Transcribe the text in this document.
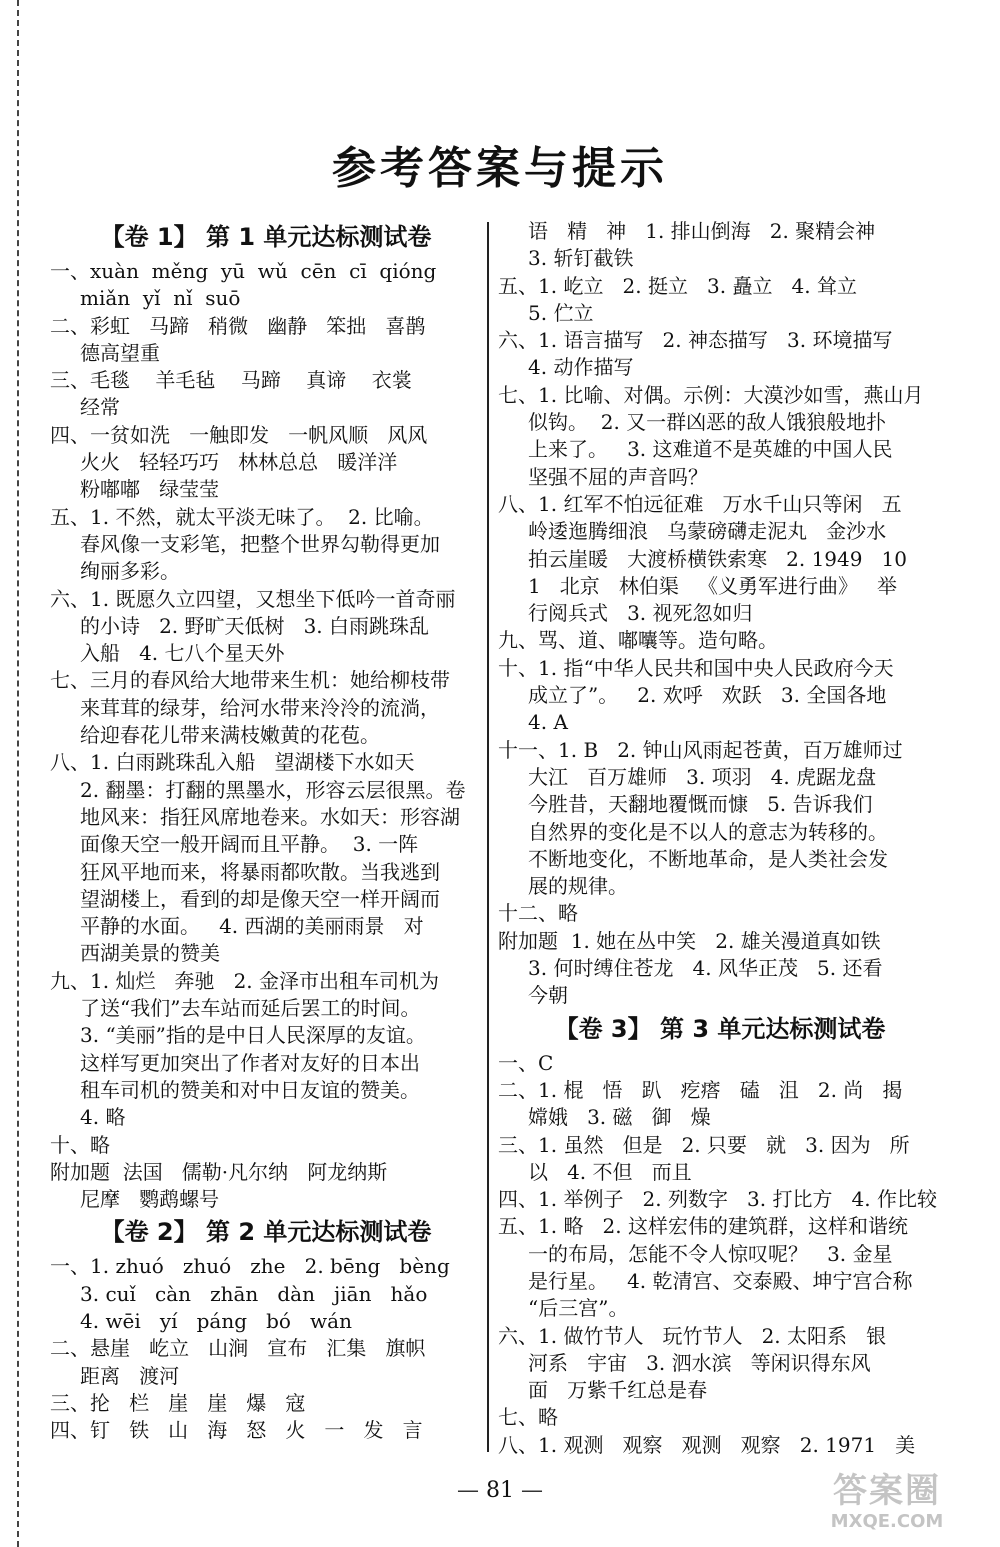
参考答案与提示
【卷 1】 第 1 单元达标测试卷
一、xuàn  měng  yū  wǔ  cēn  cī  qióng
miǎn  yǐ  nǐ  suō
二、彩虹   马蹄   稍微   幽静   笨拙   喜鹊
德高望重
三、毛毯    羊毛毡    马蹄    真谛    衣裳
经常
四、一贫如洗   一触即发   一帆风顺   风风
火火   轻轻巧巧   林林总总   暖洋洋
粉嘟嘟   绿莹莹
五、1. 不然，就太平淡无味了。  2. 比喻。
春风像一支彩笔，把整个世界勾勒得更加
绚丽多彩。
六、1. 既愿久立四望，又想坐下低吟一首奇丽
的小诗   2. 野旷天低树   3. 白雨跳珠乱
入船   4. 七八个星天外
七、三月的春风给大地带来生机：她给柳枝带
来茸茸的绿芽，给河水带来泠泠的流淌，
给迎春花儿带来满枝嫩黄的花苞。
八、1. 白雨跳珠乱入船   望湖楼下水如天
2. 翻墨：打翻的黑墨水，形容云层很黑。卷
地风来：指狂风席地卷来。水如天：形容湖
面像天空一般开阔而且平静。  3. 一阵
狂风平地而来，将暴雨都吹散。当我逃到
望湖楼上，看到的却是像天空一样开阔而
平静的水面。   4. 西湖的美丽雨景   对
西湖美景的赞美
九、1. 灿烂   奔驰   2. 金泽市出租车司机为
了送“我们”去车站而延后罢工的时间。
3. “美丽”指的是中日人民深厚的友谊。
这样写更加突出了作者对友好的日本出
租车司机的赞美和对中日友谊的赞美。
4. 略
十、略
附加题  法国   儒勒·凡尔纳   阿龙纳斯
尼摩   鹦鹉螺号
【卷 2】 第 2 单元达标测试卷
一、1. zhuó   zhuó   zhe   2. bēng   bèng
3. cuǐ   càn   zhān   dàn   jiān   hǎo
4. wēi   yí   páng   bó   wán
二、悬崖   屹立   山涧   宣布   汇集   旗帜
距离   渡河
三、抡   栏   崖   崖   爆   寇
四、钉   铁   山   海   怒   火   一   发   言
语   精   神   1. 排山倒海   2. 聚精会神
3. 斩钉截铁
五、1. 屹立   2. 挺立   3. 矗立   4. 耸立
5. 伫立
六、1. 语言描写   2. 神态描写   3. 环境描写
4. 动作描写
七、1. 比喻、对偶。示例：大漠沙如雪，燕山月
似钩。  2. 又一群凶恶的敌人饿狼般地扑
上来了。   3. 这难道不是英雄的中国人民
坚强不屈的声音吗？
八、1. 红军不怕远征难   万水千山只等闲   五
岭逶迤腾细浪   乌蒙磅礴走泥丸   金沙水
拍云崖暖   大渡桥横铁索寒   2. 1949   10
1   北京   林伯渠   《义勇军进行曲》   举
行阅兵式   3. 视死忽如归
九、骂、道、嘟囔等。造句略。
十、1. 指“中华人民共和国中央人民政府今天
成立了”。   2. 欢呼   欢跃   3. 全国各地
4. A
十一、1. B   2. 钟山风雨起苍黄，百万雄师过
大江   百万雄师   3. 项羽   4. 虎踞龙盘
今胜昔，天翻地覆慨而慷   5. 告诉我们
自然界的变化是不以人的意志为转移的。
不断地变化，不断地革命，是人类社会发
展的规律。
十二、略
附加题  1. 她在丛中笑   2. 雄关漫道真如铁
3. 何时缚住苍龙   4. 风华正茂   5. 还看
今朝
【卷 3】 第 3 单元达标测试卷
一、C
二、1. 棍   悟   趴   疙瘩   磕   沮   2. 尚   揭
嫦娥   3. 磁   御   燥
三、1. 虽然   但是   2. 只要   就   3. 因为   所
以   4. 不但   而且
四、1. 举例子   2. 列数字   3. 打比方   4. 作比较
五、1. 略   2. 这样宏伟的建筑群，这样和谐统
一的布局，怎能不令人惊叹呢？   3. 金星
是行星。   4. 乾清宫、交泰殿、坤宁宫合称
“后三宫”。
六、1. 做竹节人   玩竹节人   2. 太阳系   银
河系   宇宙   3. 泗水滨   等闲识得东风
面   万紫千红总是春
七、略
八、1. 观测   观察   观测   观察   2. 1971   美
— 81 —	答案圈
MXQE.COM
